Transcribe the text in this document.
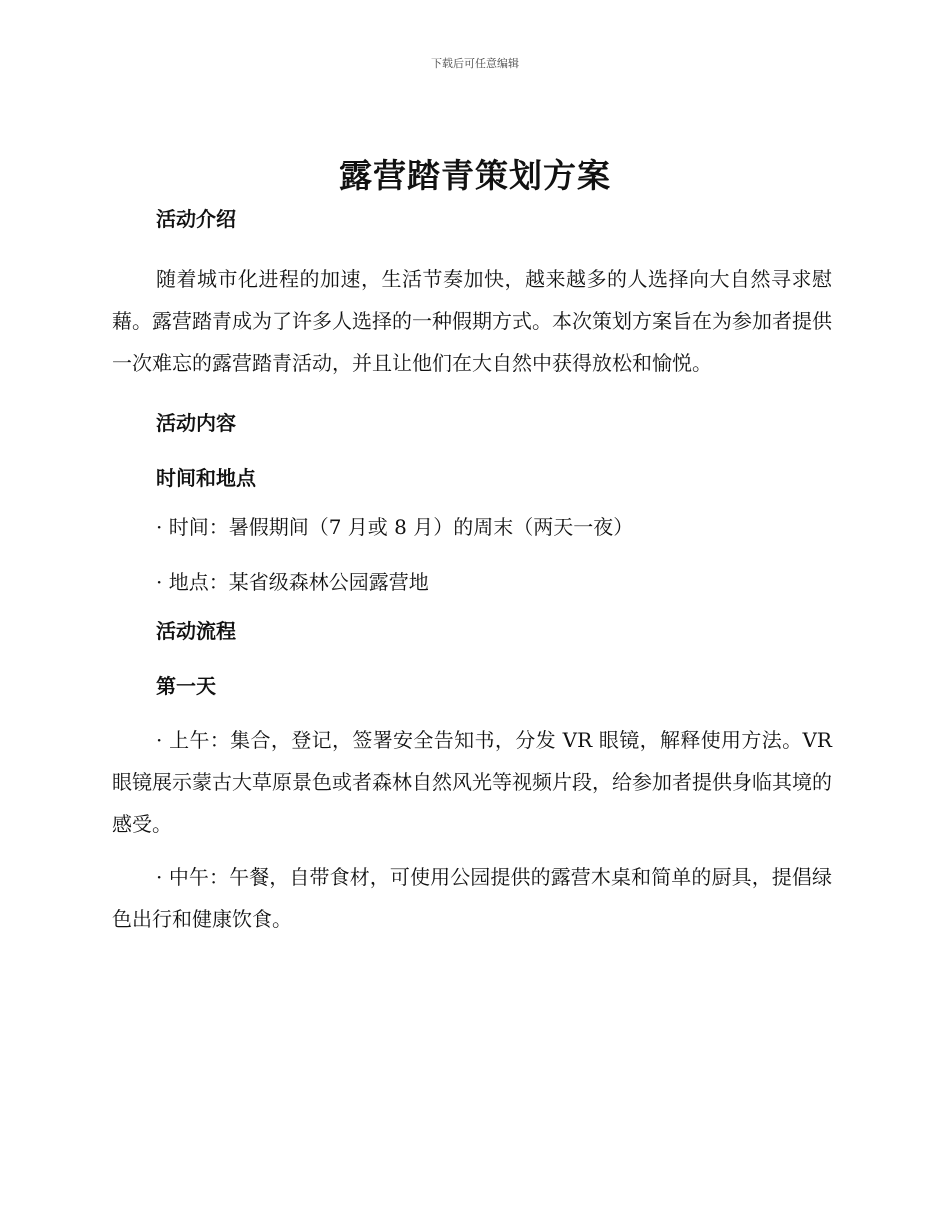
下载后可任意编辑
露营踏青策划方案
活动介绍
随着城市化进程的加速，生活节奏加快，越来越多的人选择向大自然寻求慰藉。露营踏青成为了许多人选择的一种假期方式。本次策划方案旨在为参加者提供一次难忘的露营踏青活动，并且让他们在大自然中获得放松和愉悦。
活动内容
时间和地点
· 时间：暑假期间（7 月或 8 月）的周末（两天一夜）
· 地点：某省级森林公园露营地
活动流程
第一天
· 上午：集合，登记，签署安全告知书，分发 VR 眼镜，解释使用方法。VR 眼镜展示蒙古大草原景色或者森林自然风光等视频片段，给参加者提供身临其境的感受。
· 中午：午餐，自带食材，可使用公园提供的露营木桌和简单的厨具，提倡绿色出行和健康饮食。
